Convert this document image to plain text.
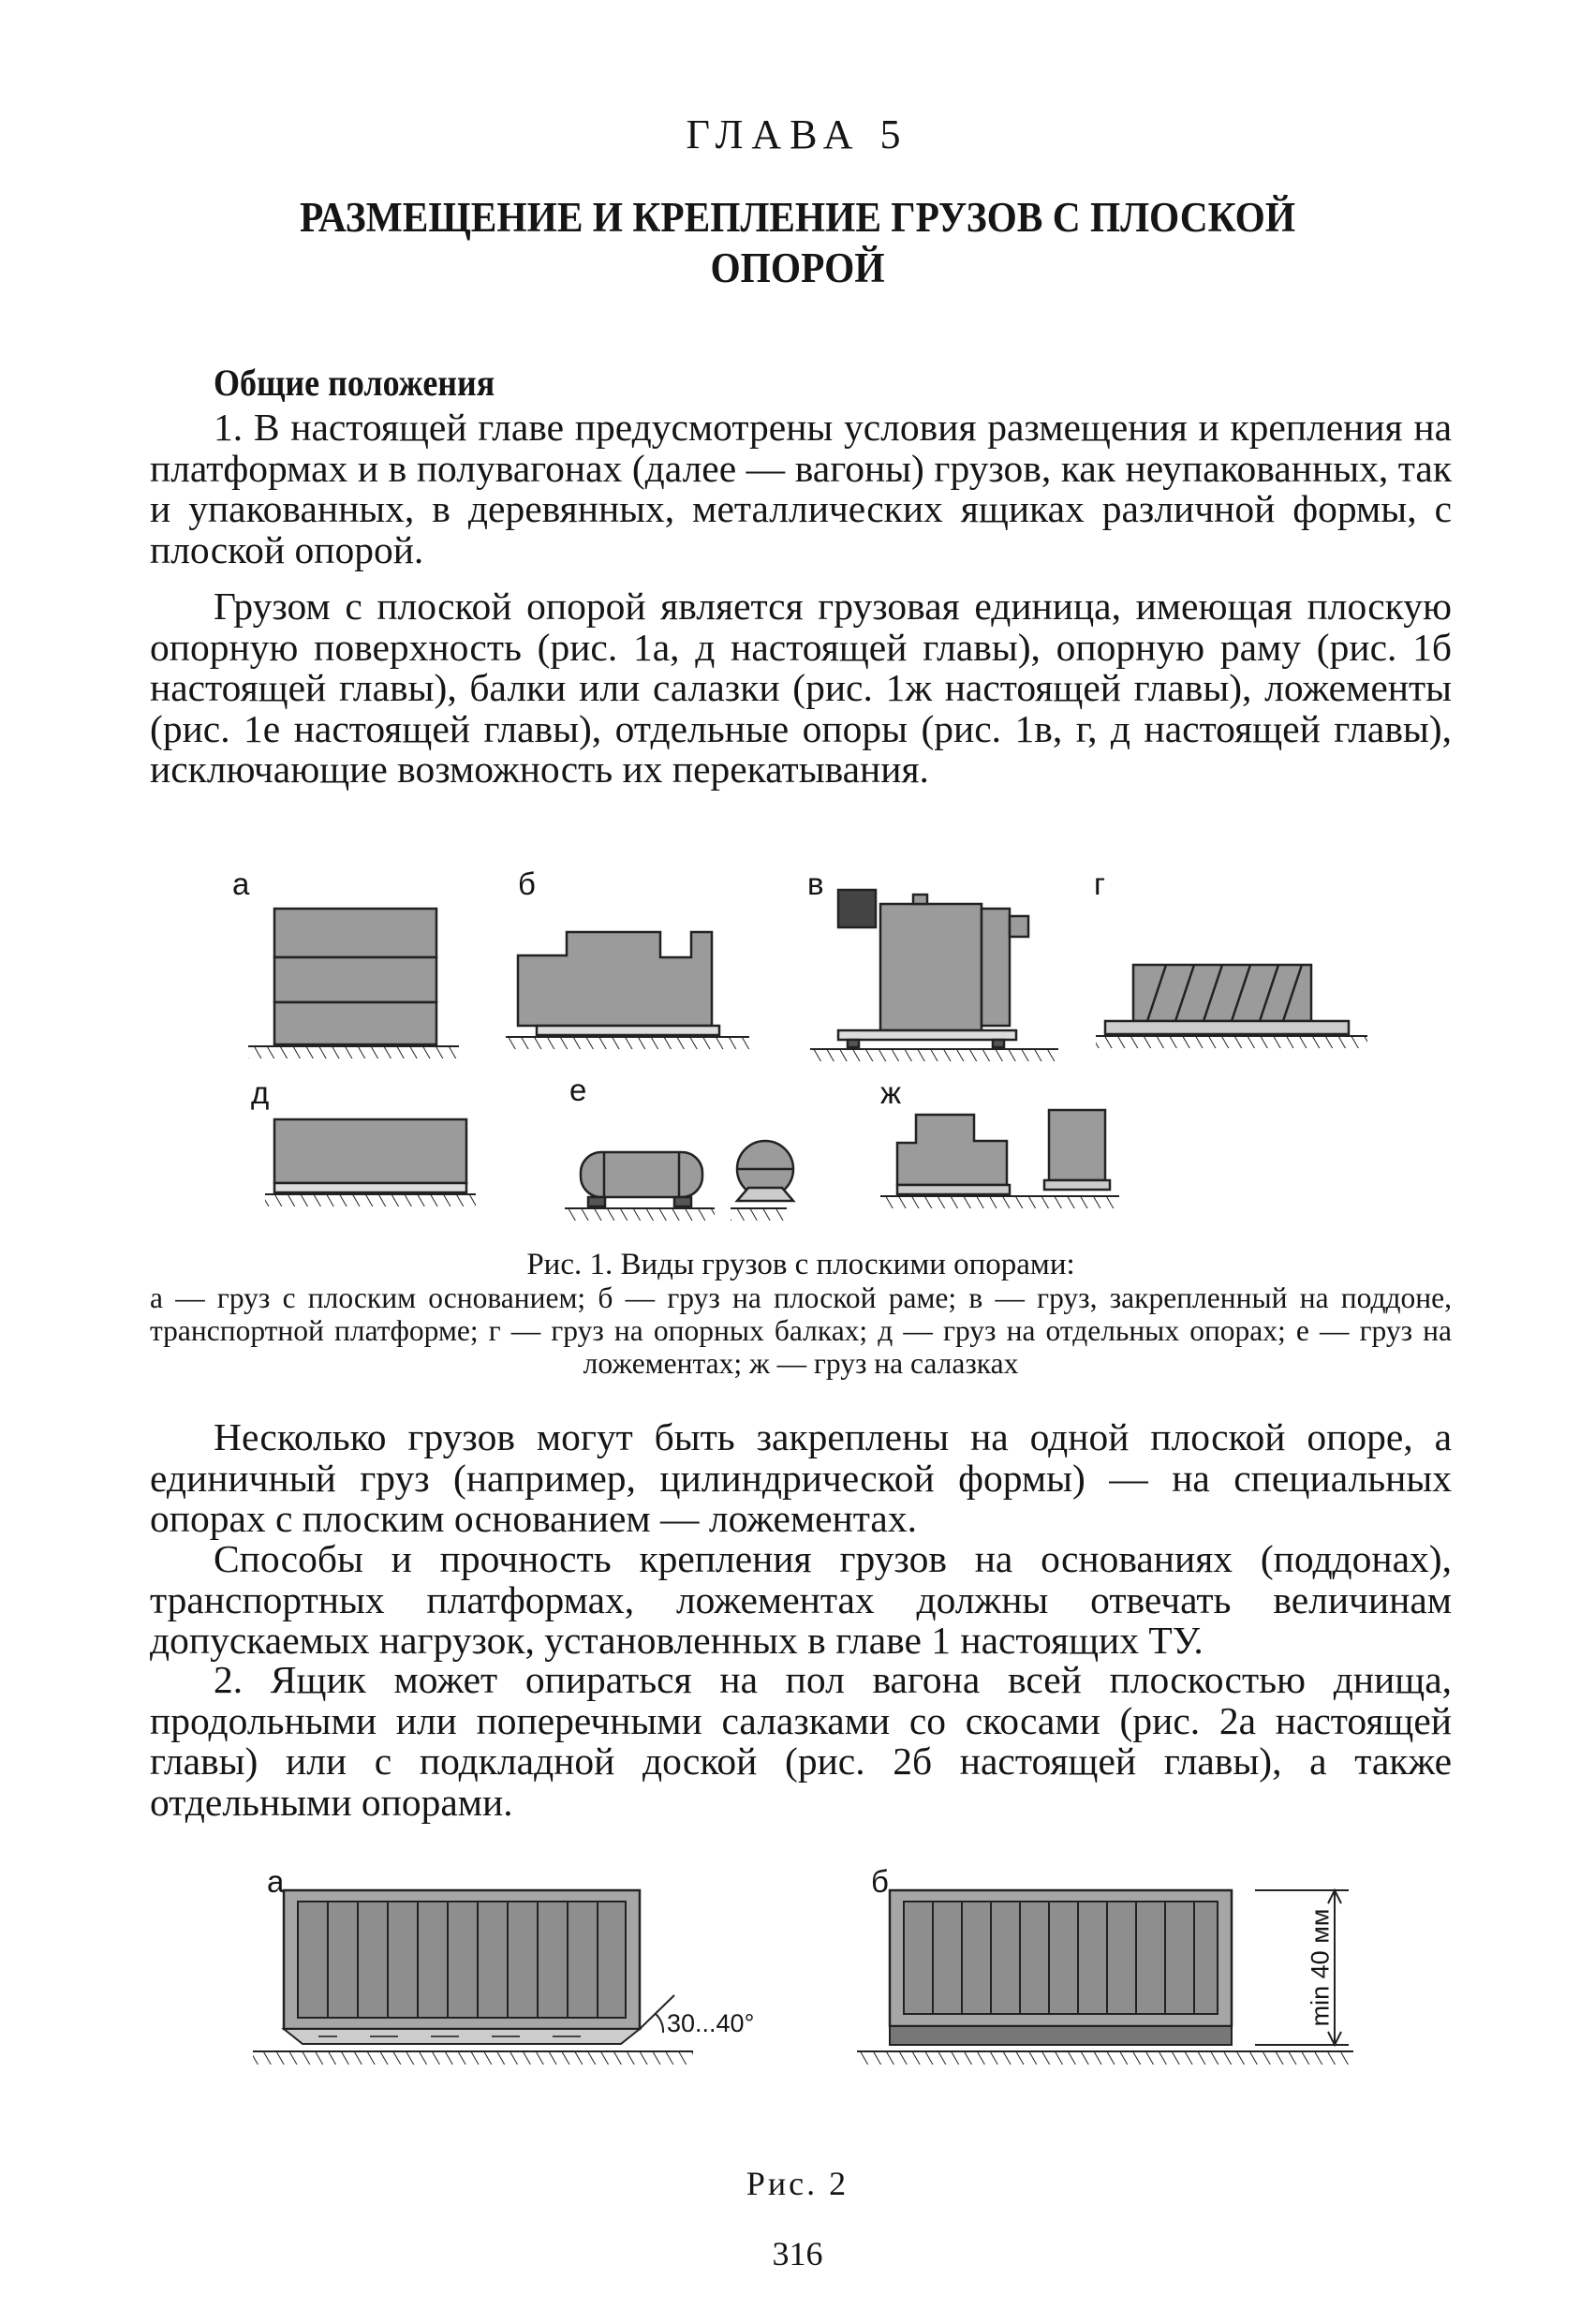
ГЛАВА 5
РАЗМЕЩЕНИЕ И КРЕПЛЕНИЕ ГРУЗОВ С ПЛОСКОЙ
ОПОРОЙ
Общие положения

1. В настоящей главе предусмотрены условия размещения и крепления на платформах и в полувагонах (далее — вагоны) грузов, как неупакованных, так и упакованных, в деревянных, металлических ящиках различной формы, с плоской опорой.

Грузом с плоской опорой является грузовая единица, имеющая плоскую опорную поверхность (рис. 1а, д настоящей главы), опорную раму (рис. 1б настоящей главы), балки или салазки (рис. 1ж настоящей главы), ложементы (рис. 1е настоящей главы), отдельные опоры (рис. 1в, г, д настоящей главы), исключающие возможность их перекатывания.

а	б	в	г
д	е	ж
Рис. 1. Виды грузов с плоскими опорами:
а — груз с плоским основанием; б — груз на плоской раме; в — груз, закрепленный на поддоне, транспортной платформе; г — груз на опорных балках; д — груз на отдельных опорах; е — груз на ложементах; ж — груз на салазках

Несколько грузов могут быть закреплены на одной плоской опоре, а единичный груз (например, цилиндрической формы) — на специальных опорах с плоским основанием — ложементах.

Способы и прочность крепления грузов на основаниях (поддонах), транспортных платформах, ложементах должны отвечать величинам допускаемых нагрузок, установленных в главе 1 настоящих ТУ.

2. Ящик может опираться на пол вагона всей плоскостью днища, продольными или поперечными салазками со скосами (рис. 2а настоящей главы) или с подкладной доской (рис. 2б настоящей главы), а также отдельными опорами.

а	б
30...40°	min 40 мм
Рис. 2
316
